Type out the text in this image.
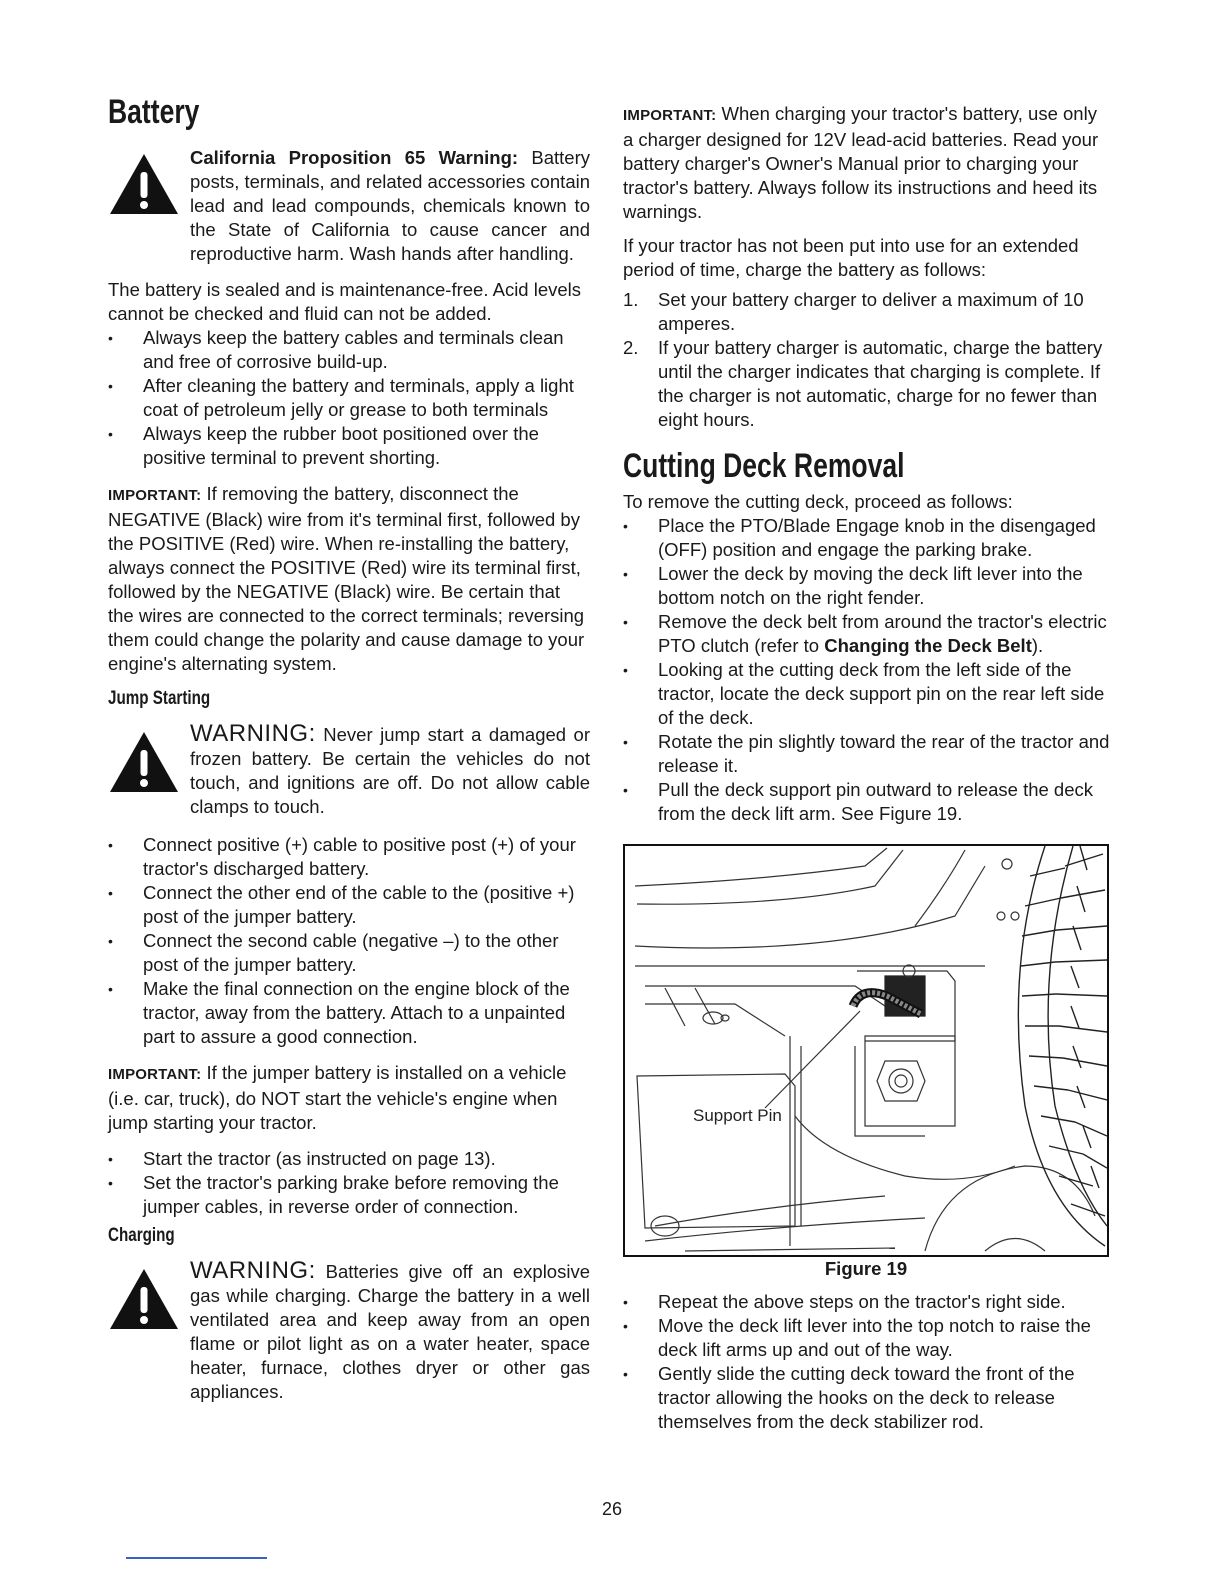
Battery

California Proposition 65 Warning: Battery posts, terminals, and related accessories contain lead and lead compounds, chemicals known to the State of California to cause cancer and reproductive harm. Wash hands after handling.

The battery is sealed and is maintenance-free. Acid levels cannot be checked and fluid can not be added.

• Always keep the battery cables and terminals clean and free of corrosive build-up.
• After cleaning the battery and terminals, apply a light coat of petroleum jelly or grease to both terminals
• Always keep the rubber boot positioned over the positive terminal to prevent shorting.

IMPORTANT: If removing the battery, disconnect the NEGATIVE (Black) wire from it's terminal first, followed by the POSITIVE (Red) wire. When re-installing the battery, always connect the POSITIVE (Red) wire its terminal first, followed by the NEGATIVE (Black) wire. Be certain that the wires are connected to the correct terminals; reversing them could change the polarity and cause damage to your engine's alternating system.

Jump Starting

WARNING: Never jump start a damaged or frozen battery. Be certain the vehicles do not touch, and ignitions are off. Do not allow cable clamps to touch.

• Connect positive (+) cable to positive post (+) of your tractor's discharged battery.
• Connect the other end of the cable to the (positive +) post of the jumper battery.
• Connect the second cable (negative –) to the other post of the jumper battery.
• Make the final connection on the engine block of the tractor, away from the battery. Attach to a unpainted part to assure a good connection.

IMPORTANT: If the jumper battery is installed on a vehicle (i.e. car, truck), do NOT start the vehicle's engine when jump starting your tractor.

• Start the tractor (as instructed on page 13).
• Set the tractor's parking brake before removing the jumper cables, in reverse order of connection.
Charging

WARNING: Batteries give off an explosive gas while charging. Charge the battery in a well ventilated area and keep away from an open flame or pilot light as on a water heater, space heater, furnace, clothes dryer or other gas appliances.

IMPORTANT: When charging your tractor's battery, use only a charger designed for 12V lead-acid batteries. Read your battery charger's Owner's Manual prior to charging your tractor's battery. Always follow its instructions and heed its warnings.

If your tractor has not been put into use for an extended period of time, charge the battery as follows:

1. Set your battery charger to deliver a maximum of 10 amperes.
2. If your battery charger is automatic, charge the battery until the charger indicates that charging is complete. If the charger is not automatic, charge for no fewer than eight hours.
Cutting Deck Removal

To remove the cutting deck, proceed as follows:

• Place the PTO/Blade Engage knob in the disengaged (OFF) position and engage the parking brake.
• Lower the deck by moving the deck lift lever into the bottom notch on the right fender.
• Remove the deck belt from around the tractor's electric PTO clutch (refer to Changing the Deck Belt).
• Looking at the cutting deck from the left side of the tractor, locate the deck support pin on the rear left side of the deck.
• Rotate the pin slightly toward the rear of the tractor and release it.
• Pull the deck support pin outward to release the deck from the deck lift arm. See Figure 19.
Support Pin
Figure 19
• Repeat the above steps on the tractor's right side.
• Move the deck lift lever into the top notch to raise the deck lift arms up and out of the way.
• Gently slide the cutting deck toward the front of the tractor allowing the hooks on the deck to release themselves from the deck stabilizer rod.
26
